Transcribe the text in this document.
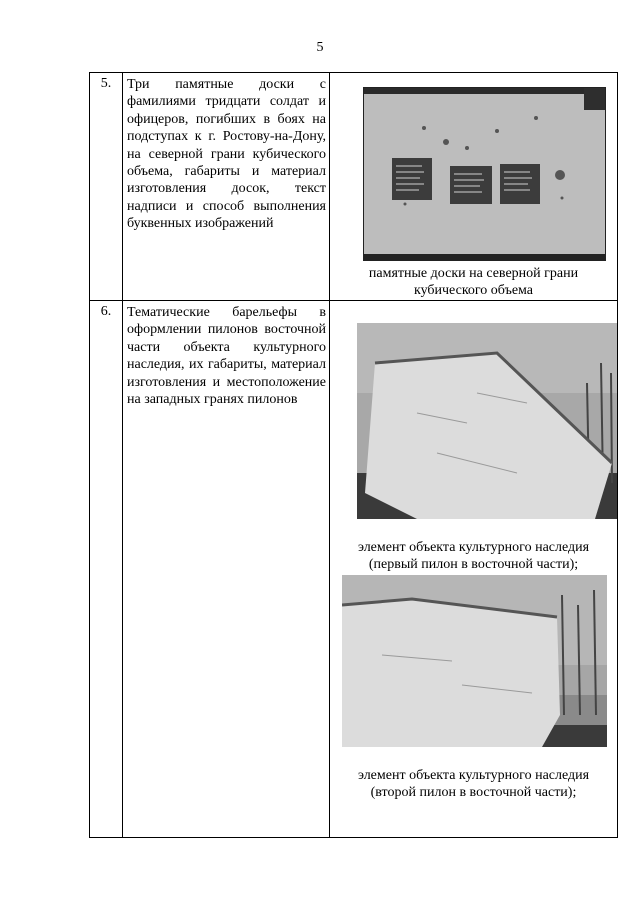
5
5.	Три памятные доски с фамилиями тридцати солдат и офицеров, погибших в боях на подступах к г. Ростову-на-Дону, на северной грани кубического объема, габариты и материал изготовления досок, текст надписи и способ выполнения буквенных изображений	памятные доски на северной грани кубического объема

6.	Тематические барельефы в оформлении пилонов восточной части объекта культурного наследия, их габариты, материал изготовления и местоположение на западных гранях пилонов	элемент объекта культурного наследия (первый пилон в восточной части);
элемент объекта культурного наследия (второй пилон в восточной части);
